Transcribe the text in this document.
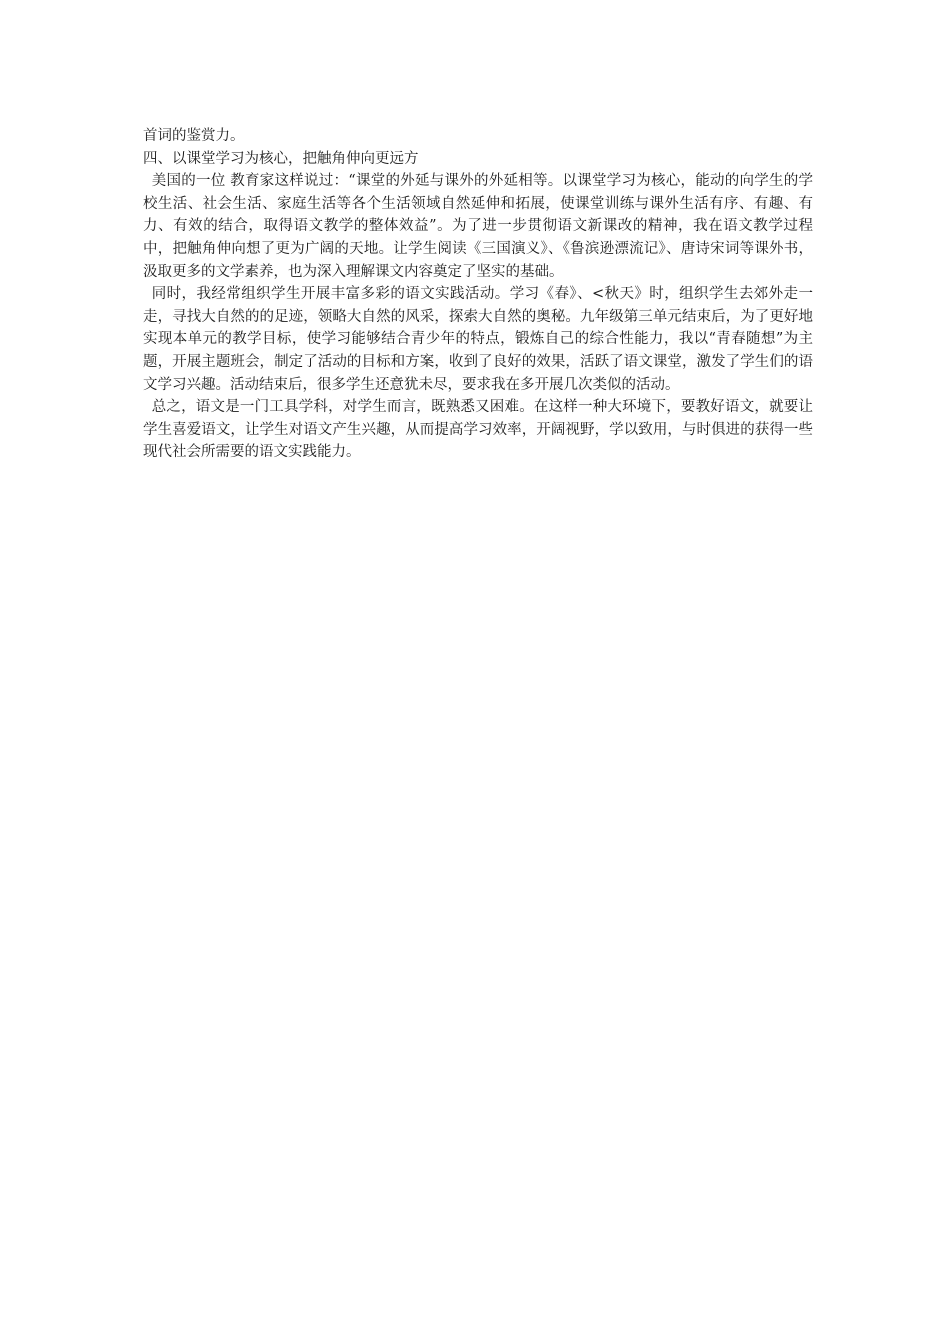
首词的鉴赏力。

四、以课堂学习为核心，把触角伸向更远方

美国的一位 教育家这样说过：“课堂的外延与课外的外延相等。以课堂学习为核心，能动的向学生的学校生活、社会生活、家庭生活等各个生活领域自然延伸和拓展，使课堂训练与课外生活有序、有趣、有力、有效的结合，取得语文教学的整体效益”。为了进一步贯彻语文新课改的精神，我在语文教学过程中，把触角伸向想了更为广阔的天地。让学生阅读《三国演义》、《鲁滨逊漂流记》、唐诗宋词等课外书，汲取更多的文学素养，也为深入理解课文内容奠定了坚实的基础。

同时，我经常组织学生开展丰富多彩的语文实践活动。学习《春》、<秋天》时，组织学生去郊外走一走，寻找大自然的的足迹，领略大自然的风采，探索大自然的奥秘。九年级第三单元结束后，为了更好地实现本单元的教学目标，使学习能够结合青少年的特点，锻炼自己的综合性能力，我以“青春随想”为主题，开展主题班会，制定了活动的目标和方案，收到了良好的效果，活跃了语文课堂，激发了学生们的语文学习兴趣。活动结束后，很多学生还意犹未尽，要求我在多开展几次类似的活动。

总之，语文是一门工具学科，对学生而言，既熟悉又困难。在这样一种大环境下，要教好语文，就要让学生喜爱语文，让学生对语文产生兴趣，从而提高学习效率，开阔视野，学以致用，与时俱进的获得一些现代社会所需要的语文实践能力。
